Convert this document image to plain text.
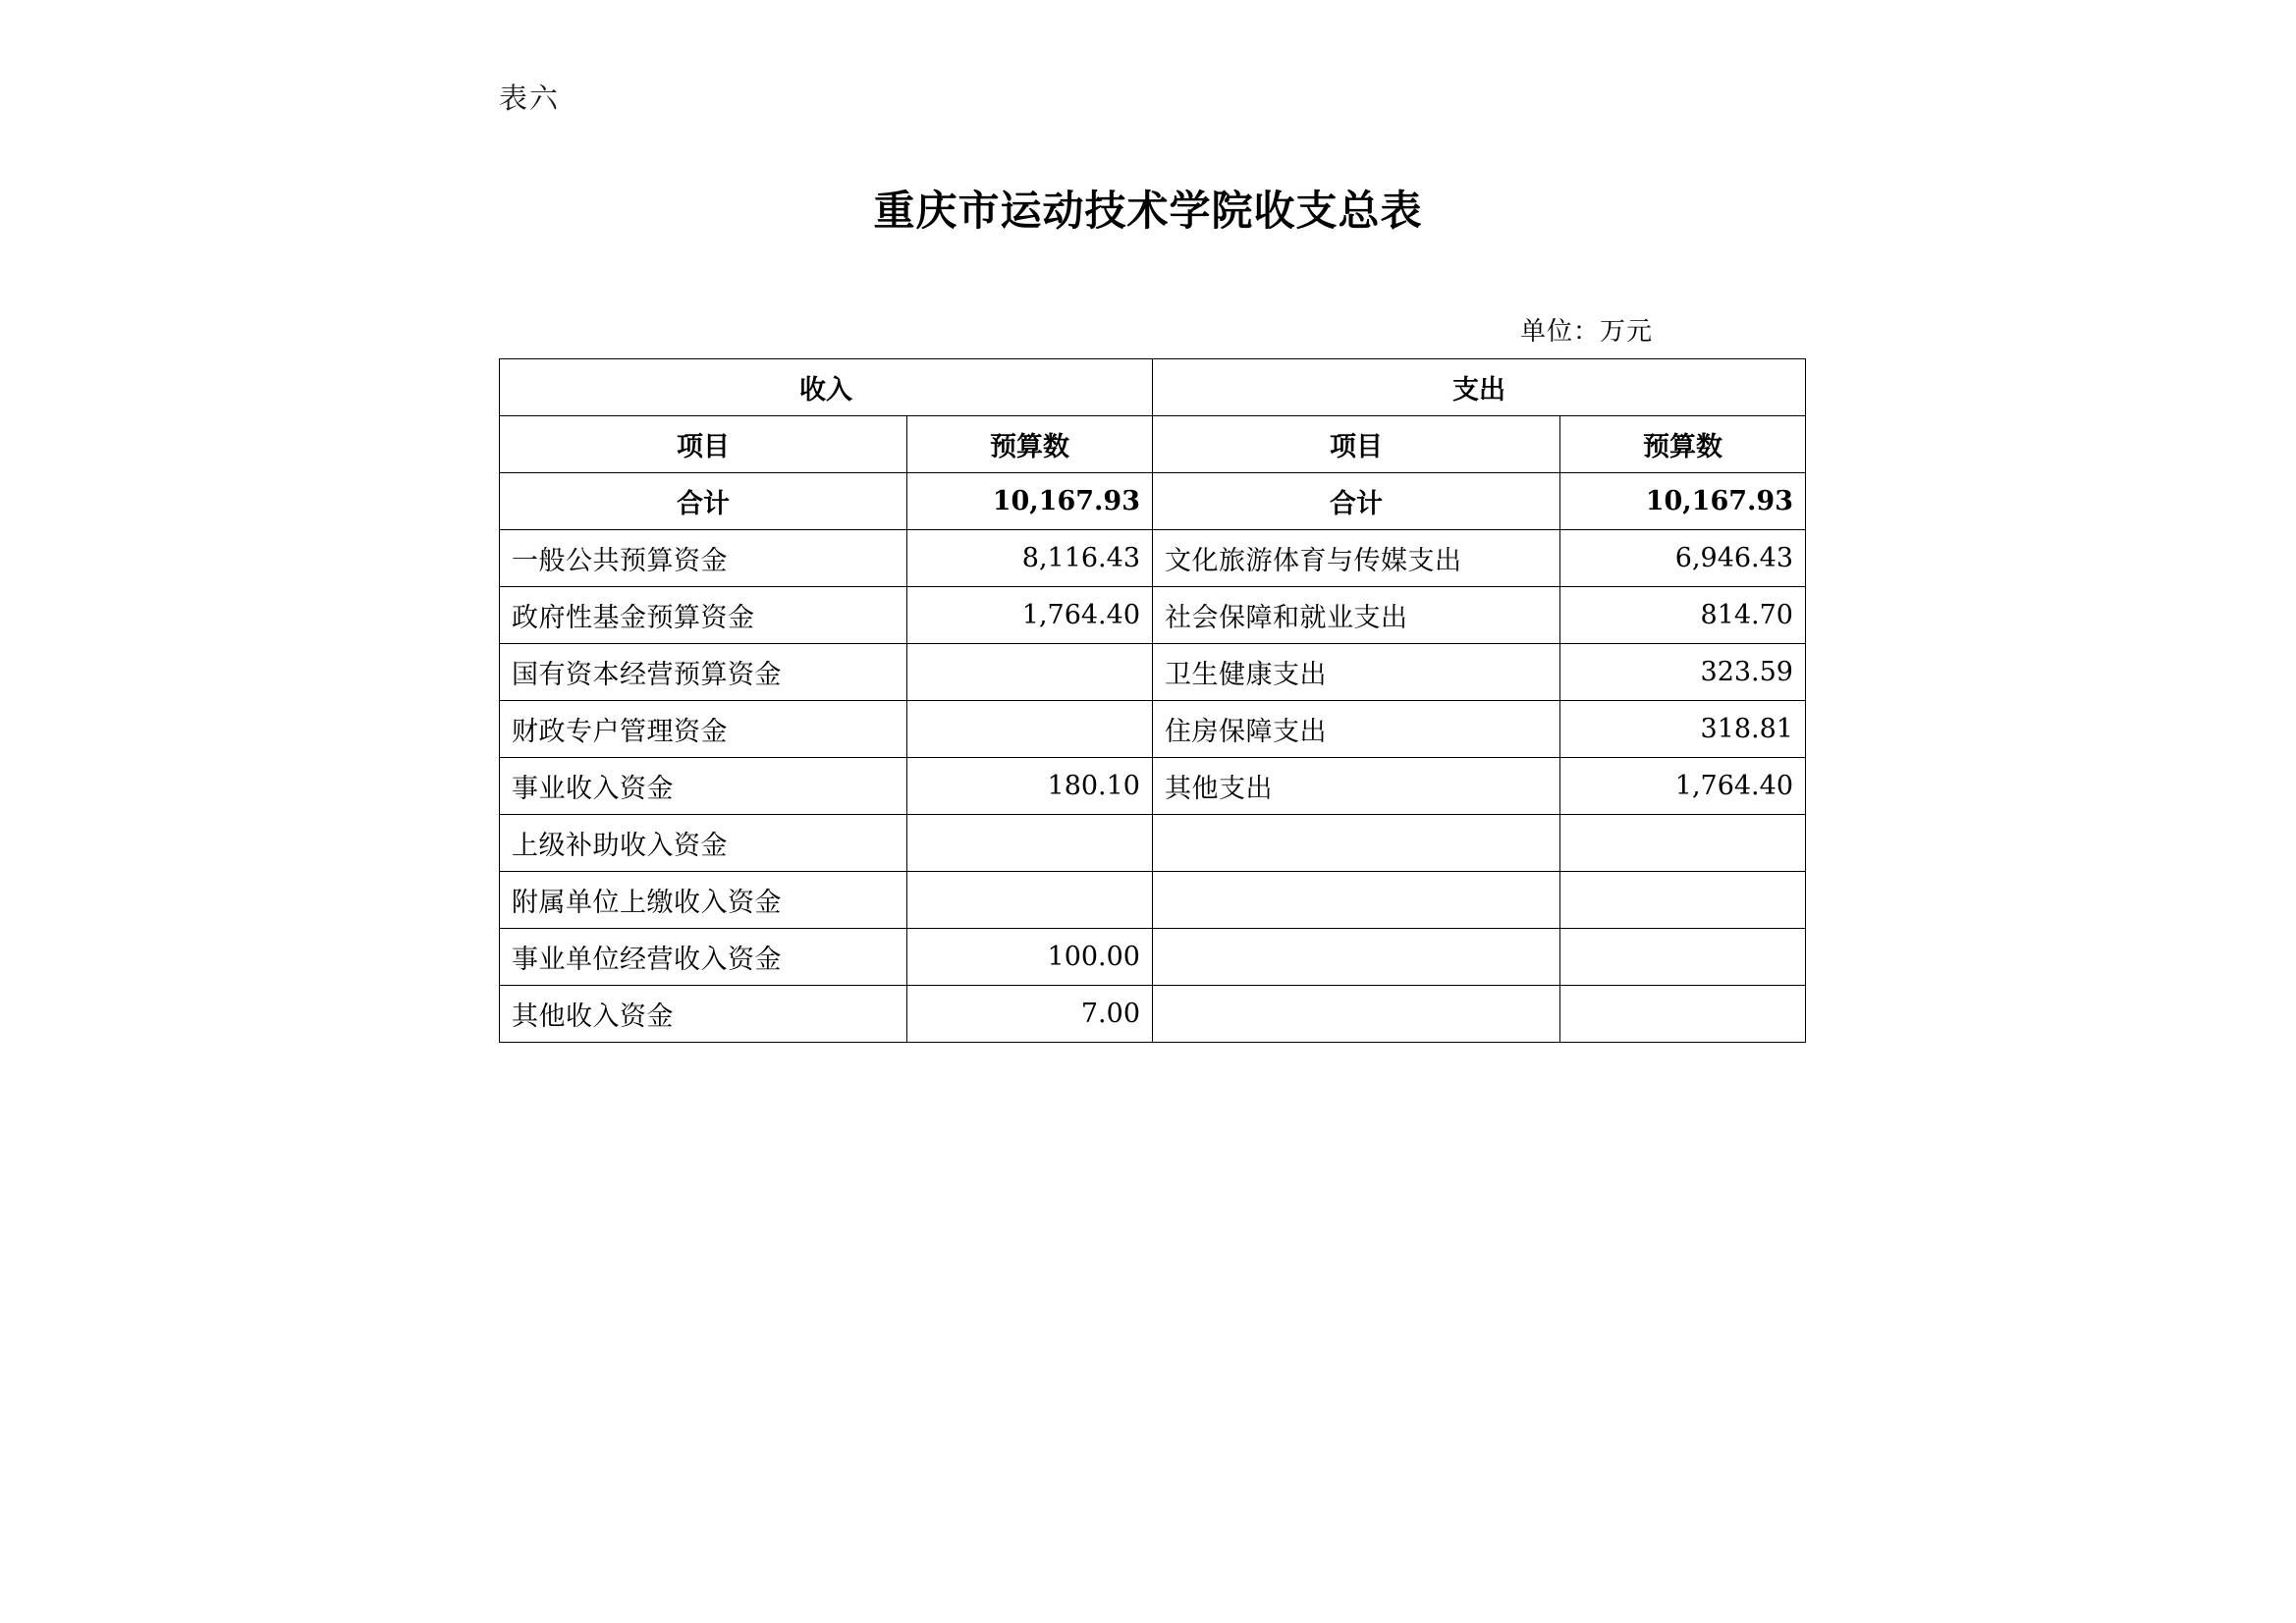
表六
重庆市运动技术学院收支总表
单位：万元
收入		支出	
项目	预算数	项目	预算数
合计	10,167.93	合计	10,167.93
一般公共预算资金	8,116.43	文化旅游体育与传媒支出	6,946.43
政府性基金预算资金	1,764.40	社会保障和就业支出	814.70
国有资本经营预算资金		卫生健康支出	323.59
财政专户管理资金		住房保障支出	318.81
事业收入资金	180.10	其他支出	1,764.40
上级补助收入资金			
附属单位上缴收入资金			
事业单位经营收入资金	100.00		
其他收入资金	7.00		
